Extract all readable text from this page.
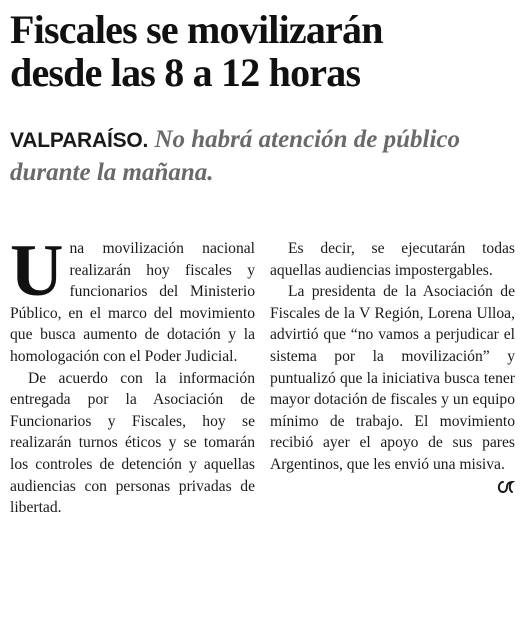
Fiscales se movilizarán
desde las 8 a 12 horas
VALPARAÍSO. No habrá atención de público durante la mañana.

Una movilización nacional realizarán hoy fiscales y funcionarios del Ministerio Público, en el marco del movimiento que busca aumento de dotación y la homologación con el Poder Judicial.

De acuerdo con la información entregada por la Asociación de Funcionarios y Fiscales, hoy se realizarán turnos éticos y se tomarán los controles de detención y aquellas audiencias con personas privadas de libertad.

Es decir, se ejecutarán todas aquellas audiencias impostergables.

La presidenta de la Asociación de Fiscales de la V Región, Lorena Ulloa, advirtió que “no vamos a perjudicar el sistema por la movilización” y puntualizó que la iniciativa busca tener mayor dotación de fiscales y un equipo mínimo de trabajo. El movimiento recibió ayer el apoyo de sus pares Argentinos, que les envió una misiva.
